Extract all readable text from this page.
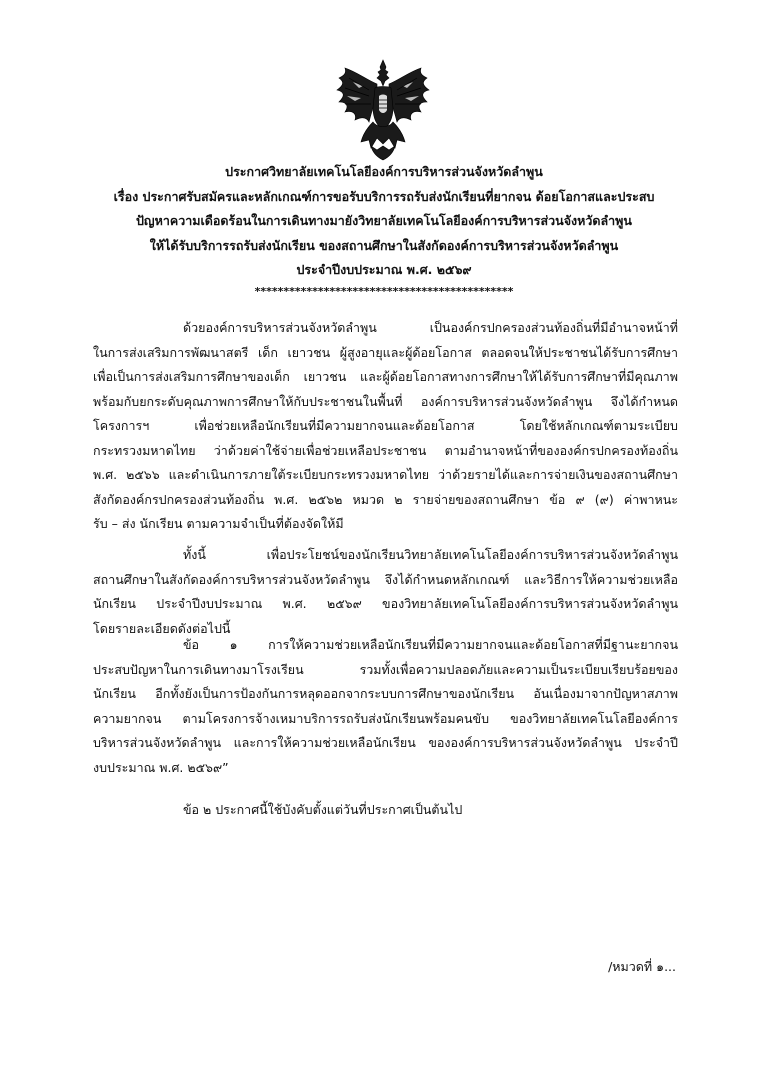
ประกาศวิทยาลัยเทคโนโลยีองค์การบริหารส่วนจังหวัดลำพูน
เรื่อง ประกาศรับสมัครและหลักเกณฑ์การขอรับบริการรถรับส่งนักเรียนที่ยากจน ด้อยโอกาสและประสบ
ปัญหาความเดือดร้อนในการเดินทางมายังวิทยาลัยเทคโนโลยีองค์การบริหารส่วนจังหวัดลำพูน
ให้ได้รับบริการรถรับส่งนักเรียน ของสถานศึกษาในสังกัดองค์การบริหารส่วนจังหวัดลำพูน
ประจำปีงบประมาณ พ.ศ. ๒๕๖๙
*********************************************
ด้วยองค์การบริหารส่วนจังหวัดลำพูน เป็นองค์กรปกครองส่วนท้องถิ่นที่มีอำนาจหน้าที่
ในการส่งเสริมการพัฒนาสตรี เด็ก เยาวชน ผู้สูงอายุและผู้ด้อยโอกาส ตลอดจนให้ประชาชนได้รับการศึกษา
เพื่อเป็นการส่งเสริมการศึกษาของเด็ก เยาวชน และผู้ด้อยโอกาสทางการศึกษาให้ได้รับการศึกษาที่มีคุณภาพ
พร้อมกับยกระดับคุณภาพการศึกษาให้กับประชาชนในพื้นที่ องค์การบริหารส่วนจังหวัดลำพูน จึงได้กำหนด
โครงการฯ เพื่อช่วยเหลือนักเรียนที่มีความยากจนและด้อยโอกาส โดยใช้หลักเกณฑ์ตามระเบียบ
กระทรวงมหาดไทย ว่าด้วยค่าใช้จ่ายเพื่อช่วยเหลือประชาชน ตามอำนาจหน้าที่ขององค์กรปกครองท้องถิ่น
พ.ศ. ๒๕๖๖ และดำเนินการภายใต้ระเบียบกระทรวงมหาดไทย ว่าด้วยรายได้และการจ่ายเงินของสถานศึกษา
สังกัดองค์กรปกครองส่วนท้องถิ่น พ.ศ. ๒๕๖๒ หมวด ๒ รายจ่ายของสถานศึกษา ข้อ ๙ (๙) ค่าพาหนะ
รับ – ส่ง นักเรียน ตามความจำเป็นที่ต้องจัดให้มี
ทั้งนี้ เพื่อประโยชน์ของนักเรียนวิทยาลัยเทคโนโลยีองค์การบริหารส่วนจังหวัดลำพูน
สถานศึกษาในสังกัดองค์การบริหารส่วนจังหวัดลำพูน จึงได้กำหนดหลักเกณฑ์ และวิธีการให้ความช่วยเหลือ
นักเรียน ประจำปีงบประมาณ พ.ศ. ๒๕๖๙ ของวิทยาลัยเทคโนโลยีองค์การบริหารส่วนจังหวัดลำพูน
โดยรายละเอียดดังต่อไปนี้
ข้อ ๑ การให้ความช่วยเหลือนักเรียนที่มีความยากจนและด้อยโอกาสที่มีฐานะยากจน
ประสบปัญหาในการเดินทางมาโรงเรียน รวมทั้งเพื่อความปลอดภัยและความเป็นระเบียบเรียบร้อยของ
นักเรียน อีกทั้งยังเป็นการป้องกันการหลุดออกจากระบบการศึกษาของนักเรียน อันเนื่องมาจากปัญหาสภาพ
ความยากจน ตามโครงการจ้างเหมาบริการรถรับส่งนักเรียนพร้อมคนขับ ของวิทยาลัยเทคโนโลยีองค์การ
บริหารส่วนจังหวัดลำพูน และการให้ความช่วยเหลือนักเรียน ขององค์การบริหารส่วนจังหวัดลำพูน ประจำปี
งบประมาณ พ.ศ. ๒๕๖๙”
ข้อ ๒ ประกาศนี้ใช้บังคับตั้งแต่วันที่ประกาศเป็นต้นไป
/หมวดที่ ๑...
